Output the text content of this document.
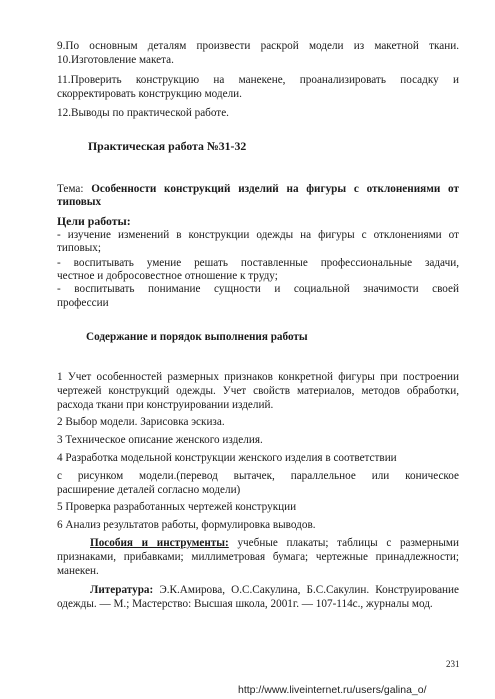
9.По основным деталям произвести раскрой модели из макетной ткани.

10.Изготовление макета.

11.Проверить конструкцию на манекене, проанализировать посадку и

скорректировать конструкцию модели.

12.Выводы по практической работе.

Практическая работа №31-32

Тема: Особенности конструкций изделий на фигуры с отклонениями от

типовых

Цели работы:

- изучение изменений в конструкции одежды на фигуры с отклонениями от

типовых;

- воспитывать умение решать поставленные профессиональные задачи,

честное и добросовестное отношение к труду;

- воспитывать понимание сущности и социальной значимости своей

профессии

Содержание и порядок выполнения работы

1 Учет особенностей размерных признаков конкретной фигуры при построении

чертежей конструкций одежды. Учет свойств материалов, методов обработки,

расхода ткани при конструировании изделий.

2 Выбор модели. Зарисовка эскиза.

3 Техническое описание женского изделия.

4 Разработка модельной конструкции женского изделия в соответствии

с рисунком модели.(перевод вытачек, параллельное или коническое

расширение деталей согласно модели)

5 Проверка разработанных чертежей конструкции

6 Анализ результатов работы, формулировка выводов.

Пособия и инструменты: учебные плакаты; таблицы с размерными

признаками, прибавками; миллиметровая бумага; чертежные принадлежности;

манекен.

Литература: Э.К.Амирова, О.С.Сакулина, Б.С.Сакулин. Конструирование

одежды. — М.; Мастерство: Высшая школа, 2001г. — 107-114с., журналы мод.

231
http://www.liveinternet.ru/users/galina_o/
